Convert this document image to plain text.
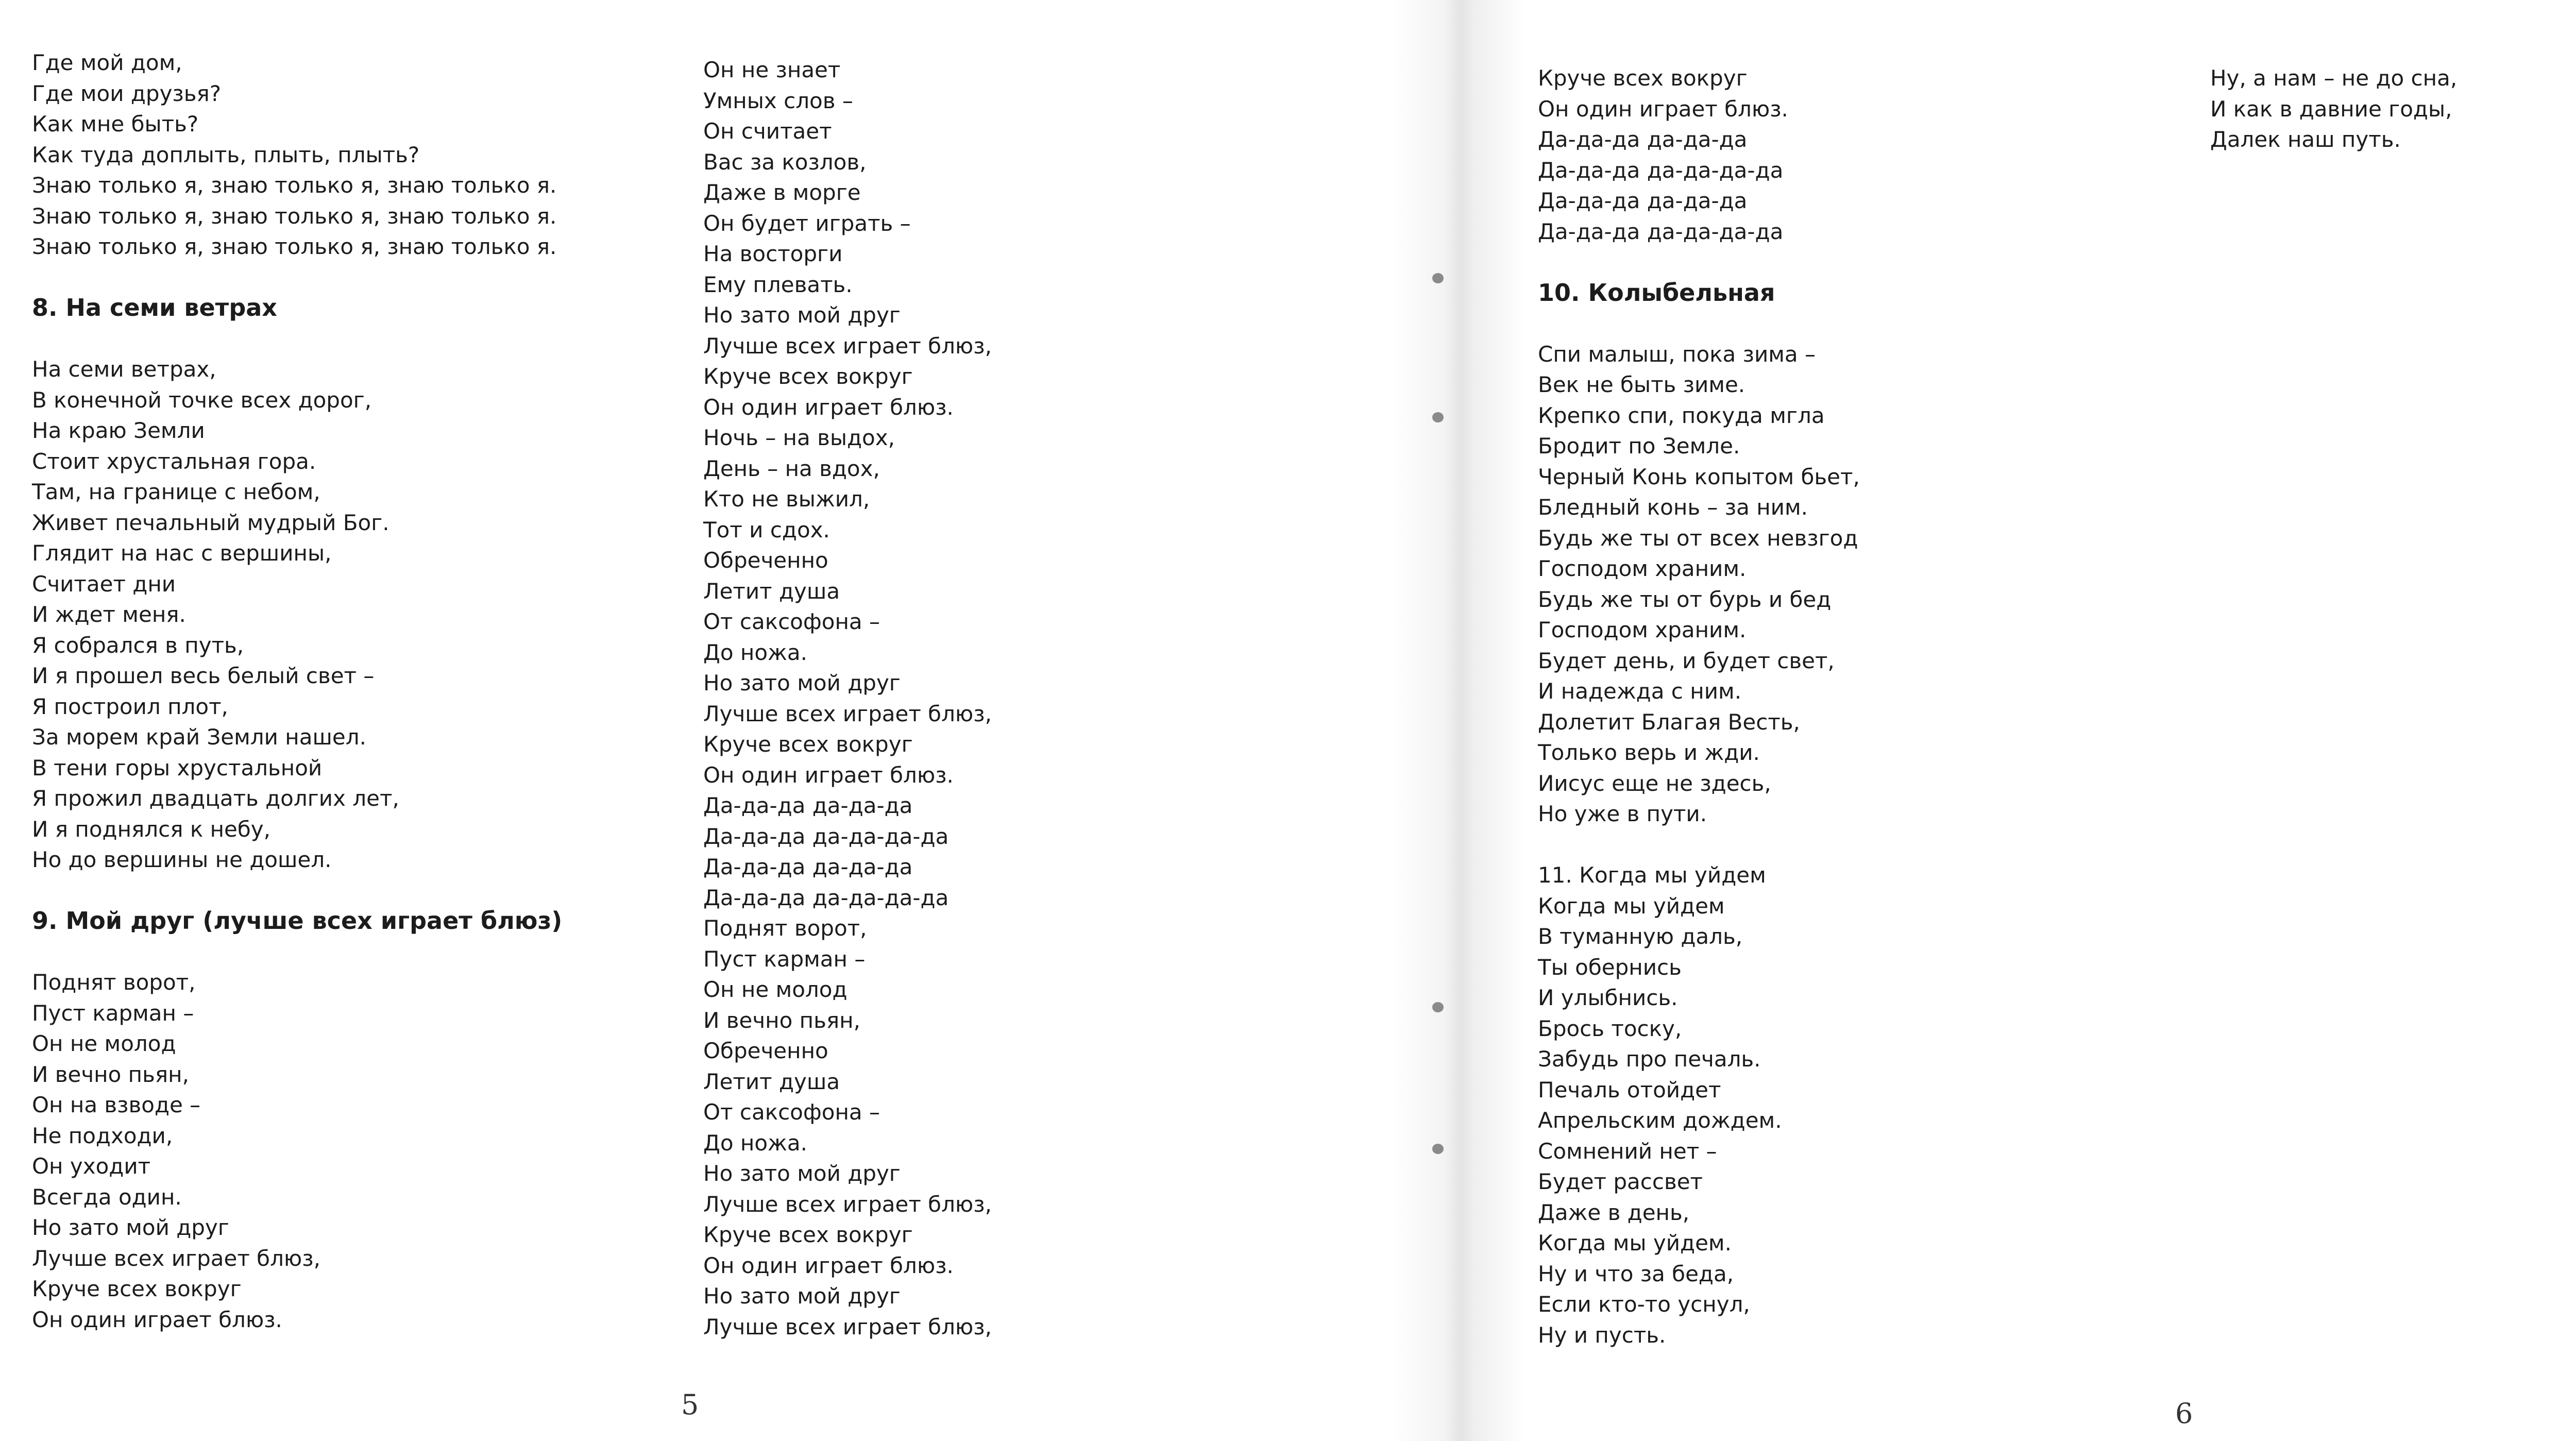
Где мой дом,
Где мои друзья?
Как мне быть?
Как туда доплыть, плыть, плыть?
Знаю только я, знаю только я, знаю только я.
Знаю только я, знаю только я, знаю только я.
Знаю только я, знаю только я, знаю только я.
8. На семи ветрах
На семи ветрах,
В конечной точке всех дорог,
На краю Земли
Стоит хрустальная гора.
Там, на границе с небом,
Живет печальный мудрый Бог.
Глядит на нас с вершины,
Считает дни
И ждет меня.
Я собрался в путь,
И я прошел весь белый свет –
Я построил плот,
За морем край Земли нашел.
В тени горы хрустальной
Я прожил двадцать долгих лет,
И я поднялся к небу,
Но до вершины не дошел.
9. Мой друг (лучше всех играет блюз)
Поднят ворот,
Пуст карман –
Он не молод
И вечно пьян,
Он на взводе –
Не подходи,
Он уходит
Всегда один.
Но зато мой друг
Лучше всех играет блюз,
Круче всех вокруг
Он один играет блюз.
Он не знает
Умных слов –
Он считает
Вас за козлов,
Даже в морге
Он будет играть –
На восторги
Ему плевать.
Но зато мой друг
Лучше всех играет блюз,
Круче всех вокруг
Он один играет блюз.
Ночь – на выдох,
День – на вдох,
Кто не выжил,
Тот и сдох.
Обреченно
Летит душа
От саксофона –
До ножа.
Но зато мой друг
Лучше всех играет блюз,
Круче всех вокруг
Он один играет блюз.
Да-да-да да-да-да
Да-да-да да-да-да-да
Да-да-да да-да-да
Да-да-да да-да-да-да
Поднят ворот,
Пуст карман –
Он не молод
И вечно пьян,
Обреченно
Летит душа
От саксофона –
До ножа.
Но зато мой друг
Лучше всех играет блюз,
Круче всех вокруг
Он один играет блюз.
Но зато мой друг
Лучше всех играет блюз,
Круче всех вокруг
Он один играет блюз.
Да-да-да да-да-да
Да-да-да да-да-да-да
Да-да-да да-да-да
Да-да-да да-да-да-да
10. Колыбельная
Спи малыш, пока зима –
Век не быть зиме.
Крепко спи, покуда мгла
Бродит по Земле.
Черный Конь копытом бьет,
Бледный конь – за ним.
Будь же ты от всех невзгод
Господом храним.
Будь же ты от бурь и бед
Господом храним.
Будет день, и будет свет,
И надежда с ним.
Долетит Благая Весть,
Только верь и жди.
Иисус еще не здесь,
Но уже в пути.
11. Когда мы уйдем
Когда мы уйдем
В туманную даль,
Ты обернись
И улыбнись.
Брось тоску,
Забудь про печаль.
Печаль отойдет
Апрельским дождем.
Сомнений нет –
Будет рассвет
Даже в день,
Когда мы уйдем.
Ну и что за беда,
Если кто-то уснул,
Ну и пусть.
Ну, а нам – не до сна,
И как в давние годы,
Далек наш путь.
5	6
